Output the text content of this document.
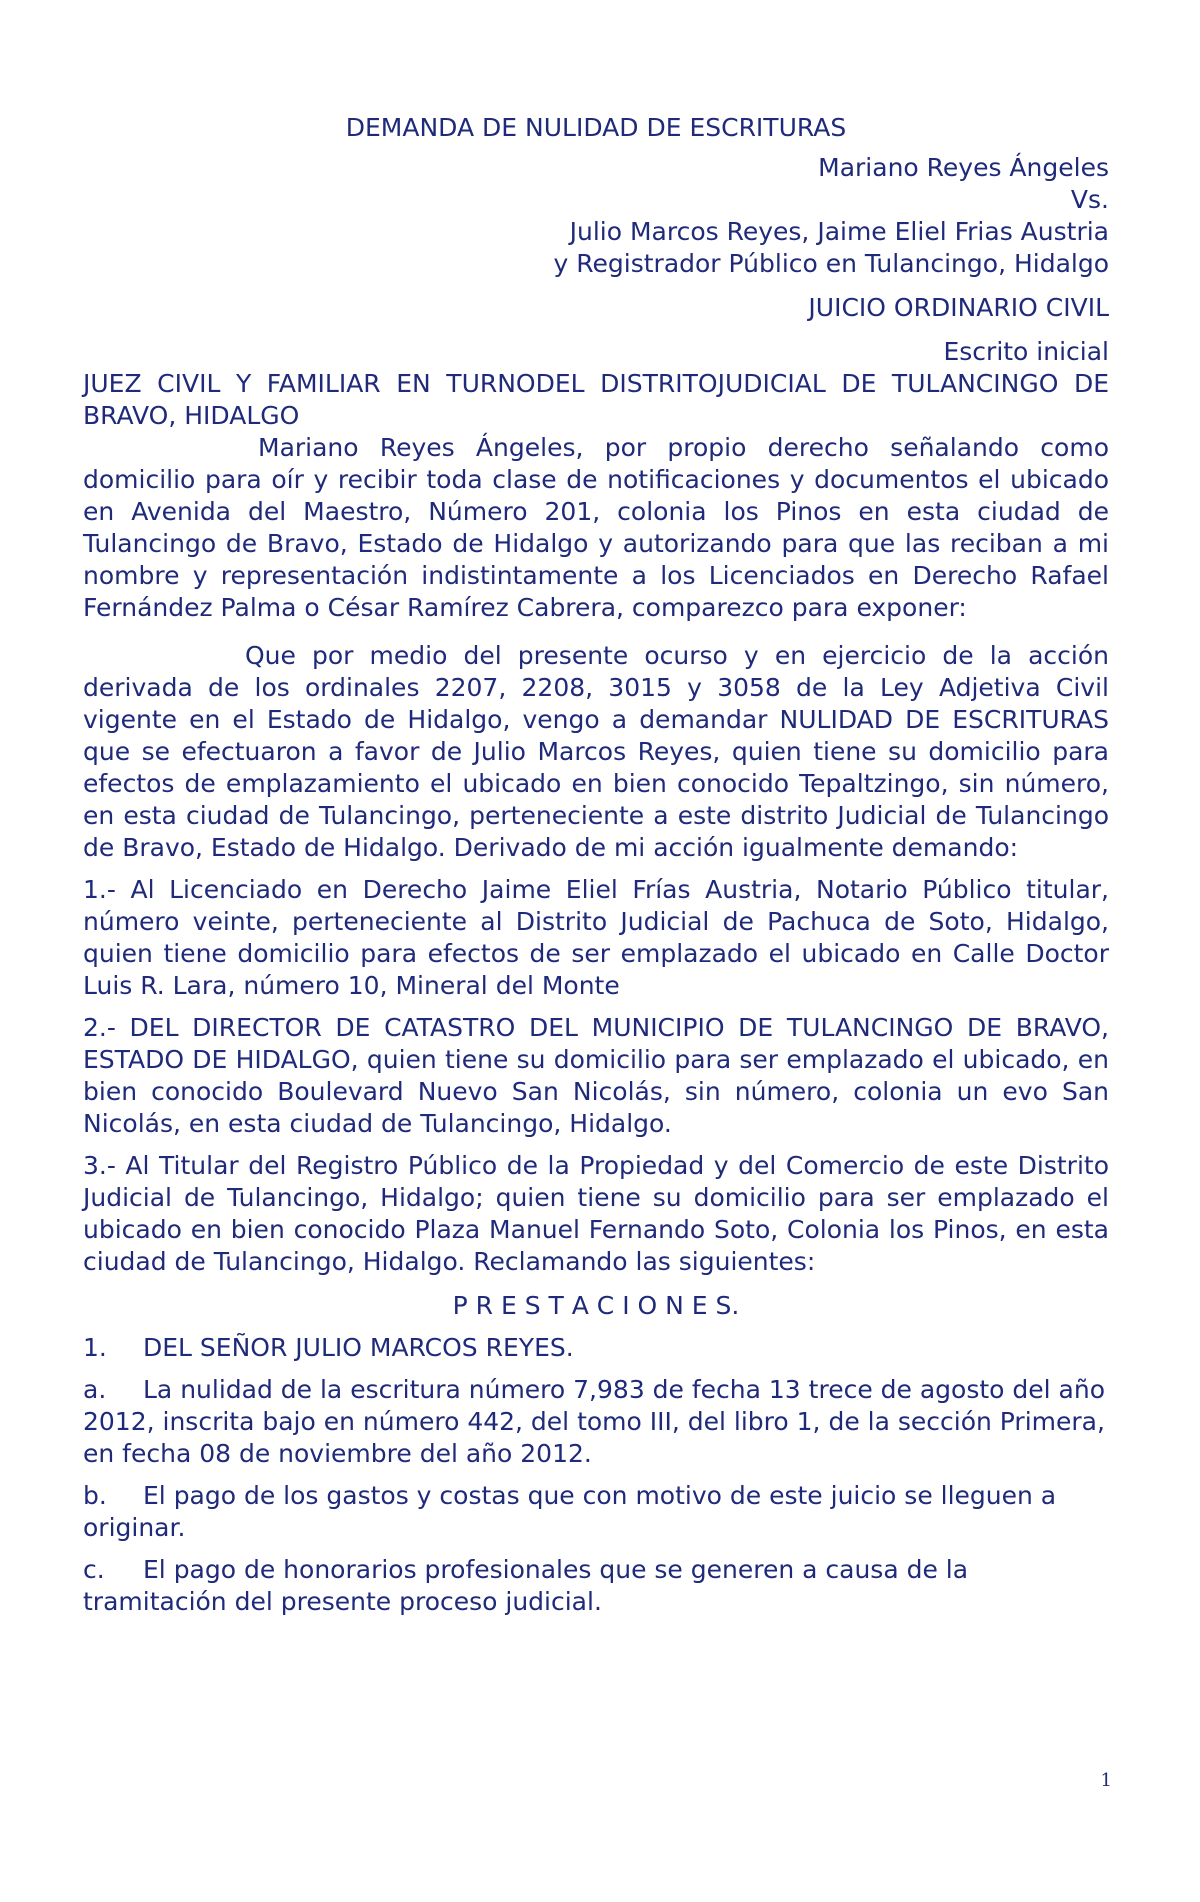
DEMANDA DE NULIDAD DE ESCRITURAS

Mariano Reyes Ángeles

Vs.

Julio Marcos Reyes, Jaime Eliel Frias Austria

y Registrador Público en Tulancingo, Hidalgo

JUICIO ORDINARIO CIVIL

Escrito inicial

JUEZ CIVIL Y FAMILIAR EN TURNODEL DISTRITOJUDICIAL DE TULANCINGO DE BRAVO, HIDALGO

Mariano Reyes Ángeles, por propio derecho señalando como domicilio para oír y recibir toda clase de notificaciones y documentos el ubicado en Avenida del Maestro, Número 201, colonia los Pinos en esta ciudad de Tulancingo de Bravo, Estado de Hidalgo y autorizando para que las reciban a mi nombre y representación indistintamente a los Licenciados en Derecho Rafael Fernández Palma o César Ramírez Cabrera, comparezco para exponer:

Que por medio del presente ocurso y en ejercicio de la acción derivada de los ordinales 2207, 2208, 3015 y 3058 de la Ley Adjetiva Civil vigente en el Estado de Hidalgo, vengo a demandar NULIDAD DE ESCRITURAS que se efectuaron a favor de Julio Marcos Reyes, quien tiene su domicilio para efectos de emplazamiento el ubicado en bien conocido Tepaltzingo, sin número, en esta ciudad de Tulancingo, perteneciente a este distrito Judicial de Tulancingo de Bravo, Estado de Hidalgo. Derivado de mi acción igualmente demando:

1.- Al Licenciado en Derecho Jaime Eliel Frías Austria, Notario Público titular, número veinte, perteneciente al Distrito Judicial de Pachuca de Soto, Hidalgo, quien tiene domicilio para efectos de ser emplazado el ubicado en Calle Doctor Luis R. Lara, número 10, Mineral del Monte

2.- DEL DIRECTOR DE CATASTRO DEL MUNICIPIO DE TULANCINGO DE BRAVO, ESTADO DE HIDALGO, quien tiene su domicilio para ser emplazado el ubicado, en bien conocido Boulevard Nuevo San Nicolás, sin número, colonia un evo San Nicolás, en esta ciudad de Tulancingo, Hidalgo.

3.- Al Titular del Registro Público de la Propiedad y del Comercio de este Distrito Judicial de Tulancingo, Hidalgo; quien tiene su domicilio para ser emplazado el ubicado en bien conocido Plaza Manuel Fernando Soto, Colonia los Pinos, en esta ciudad de Tulancingo, Hidalgo. Reclamando las siguientes:

P R E S T A C I O N E S.

1. DEL SEÑOR JULIO MARCOS REYES.

a. La nulidad de la escritura número 7,983 de fecha 13 trece de agosto del año 2012, inscrita bajo en número 442, del tomo III, del libro 1, de la sección Primera, en fecha 08 de noviembre del año 2012.

b. El pago de los gastos y costas que con motivo de este juicio se lleguen a originar.

c. El pago de honorarios profesionales que se generen a causa de la tramitación del presente proceso judicial.

1
